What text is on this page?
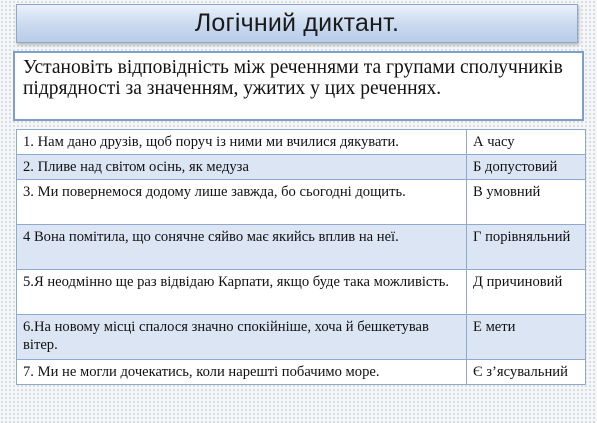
Логічний диктант.
Установіть відповідність між реченнями та групами сполучників
підрядності за значенням, ужитих у цих реченнях.
1. Нам дано друзів, щоб поруч із ними ми вчилися дякувати.	А часу
2. Пливе над світом осінь, як медуза	Б допустовий
3. Ми повернемося додому лише завжда, бо сьогодні дощить.	В умовний
4 Вона помітила, що сонячне сяйво має якийсь вплив на неї.	Г порівняльний
5.Я неодмінно ще раз відвідаю Карпати, якщо буде така можливість.	Д причиновий
6.На новому місці спалося значно спокійніше, хоча й бешкетував вітер.	Е мети
7. Ми не могли дочекатись, коли нарешті побачимо море.	Є з’ясувальний
